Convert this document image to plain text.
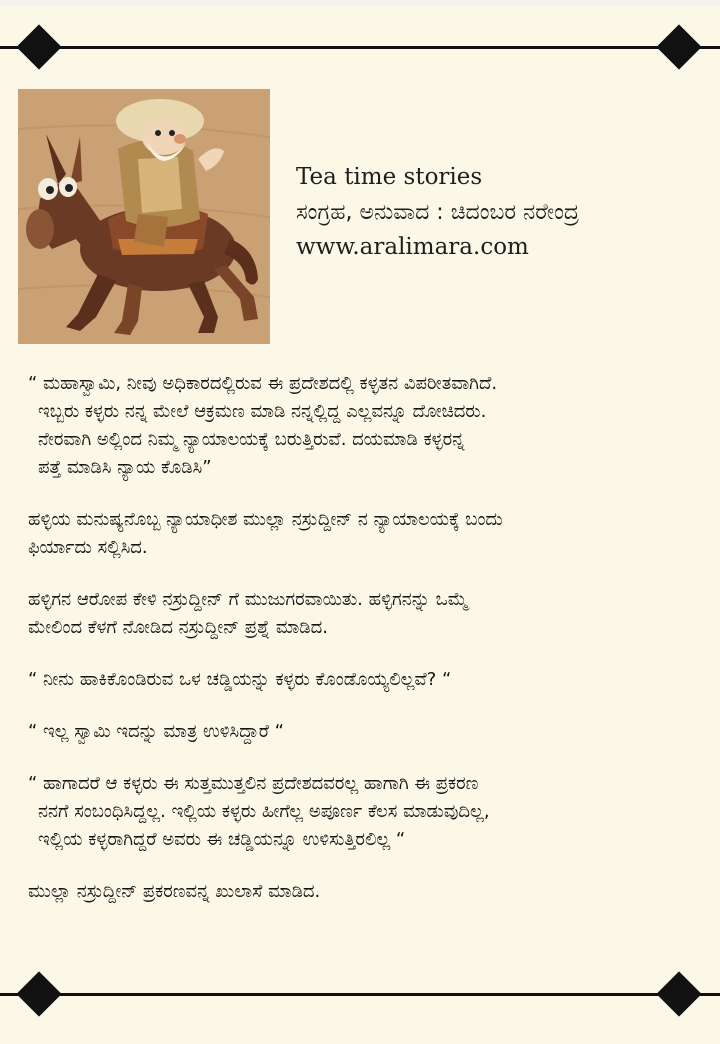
Tea time stories
ಸಂಗ್ರಹ, ಅನುವಾದ : ಚಿದಂಬರ ನರೇಂದ್ರ
www.aralimara.com

“ ಮಹಾಸ್ವಾಮಿ, ನೀವು ಅಧಿಕಾರದಲ್ಲಿರುವ ಈ ಪ್ರದೇಶದಲ್ಲಿ ಕಳ್ಳತನ ವಿಪರೀತವಾಗಿದೆ.
ಇಬ್ಬರು ಕಳ್ಳರು ನನ್ನ ಮೇಲೆ ಆಕ್ರಮಣ ಮಾಡಿ ನನ್ನಲ್ಲಿದ್ದ ಎಲ್ಲವನ್ನೂ ದೋಚಿದರು.
ನೇರವಾಗಿ ಅಲ್ಲಿಂದ ನಿಮ್ಮ ನ್ಯಾಯಾಲಯಕ್ಕೆ ಬರುತ್ತಿರುವೆ. ದಯಮಾಡಿ ಕಳ್ಳರನ್ನ
ಪತ್ತೆ ಮಾಡಿಸಿ ನ್ಯಾಯ ಕೊಡಿಸಿ”

ಹಳ್ಳಿಯ ಮನುಷ್ಯನೊಬ್ಬ ನ್ಯಾಯಾಧೀಶ ಮುಲ್ಲಾ ನಸ್ರುದ್ದೀನ್ ನ ನ್ಯಾಯಾಲಯಕ್ಕೆ ಬಂದು
ಫಿರ್ಯಾದು ಸಲ್ಲಿಸಿದ.

ಹಳ್ಳಿಗನ ಆರೋಪ ಕೇಳಿ ನಸ್ರುದ್ದೀನ್ ಗೆ ಮುಜುಗರವಾಯಿತು. ಹಳ್ಳಿಗನನ್ನು ಒಮ್ಮೆ
ಮೇಲಿಂದ ಕೆಳಗೆ ನೋಡಿದ ನಸ್ರುದ್ದೀನ್ ಪ್ರಶ್ನೆ ಮಾಡಿದ.

“ ನೀನು ಹಾಕಿಕೊಂಡಿರುವ ಒಳ ಚಡ್ಡಿಯನ್ನು ಕಳ್ಳರು ಕೊಂಡೊಯ್ಯಲಿಲ್ಲವೆ? “

“ ಇಲ್ಲ ಸ್ವಾಮಿ ಇದನ್ನು ಮಾತ್ರ ಉಳಿಸಿದ್ದಾರೆ “

“ ಹಾಗಾದರೆ ಆ ಕಳ್ಳರು ಈ ಸುತ್ತಮುತ್ತಲಿನ ಪ್ರದೇಶದವರಲ್ಲ ಹಾಗಾಗಿ ಈ ಪ್ರಕರಣ
ನನಗೆ ಸಂಬಂಧಿಸಿದ್ದಲ್ಲ. ಇಲ್ಲಿಯ ಕಳ್ಳರು ಹೀಗೆಲ್ಲ ಅಪೂರ್ಣ ಕೆಲಸ ಮಾಡುವುದಿಲ್ಲ,
ಇಲ್ಲಿಯ ಕಳ್ಳರಾಗಿದ್ದರೆ ಅವರು ಈ ಚಡ್ಡಿಯನ್ನೂ ಉಳಿಸುತ್ತಿರಲಿಲ್ಲ “

ಮುಲ್ಲಾ ನಸ್ರುದ್ದೀನ್ ಪ್ರಕರಣವನ್ನ ಖುಲಾಸೆ ಮಾಡಿದ.
